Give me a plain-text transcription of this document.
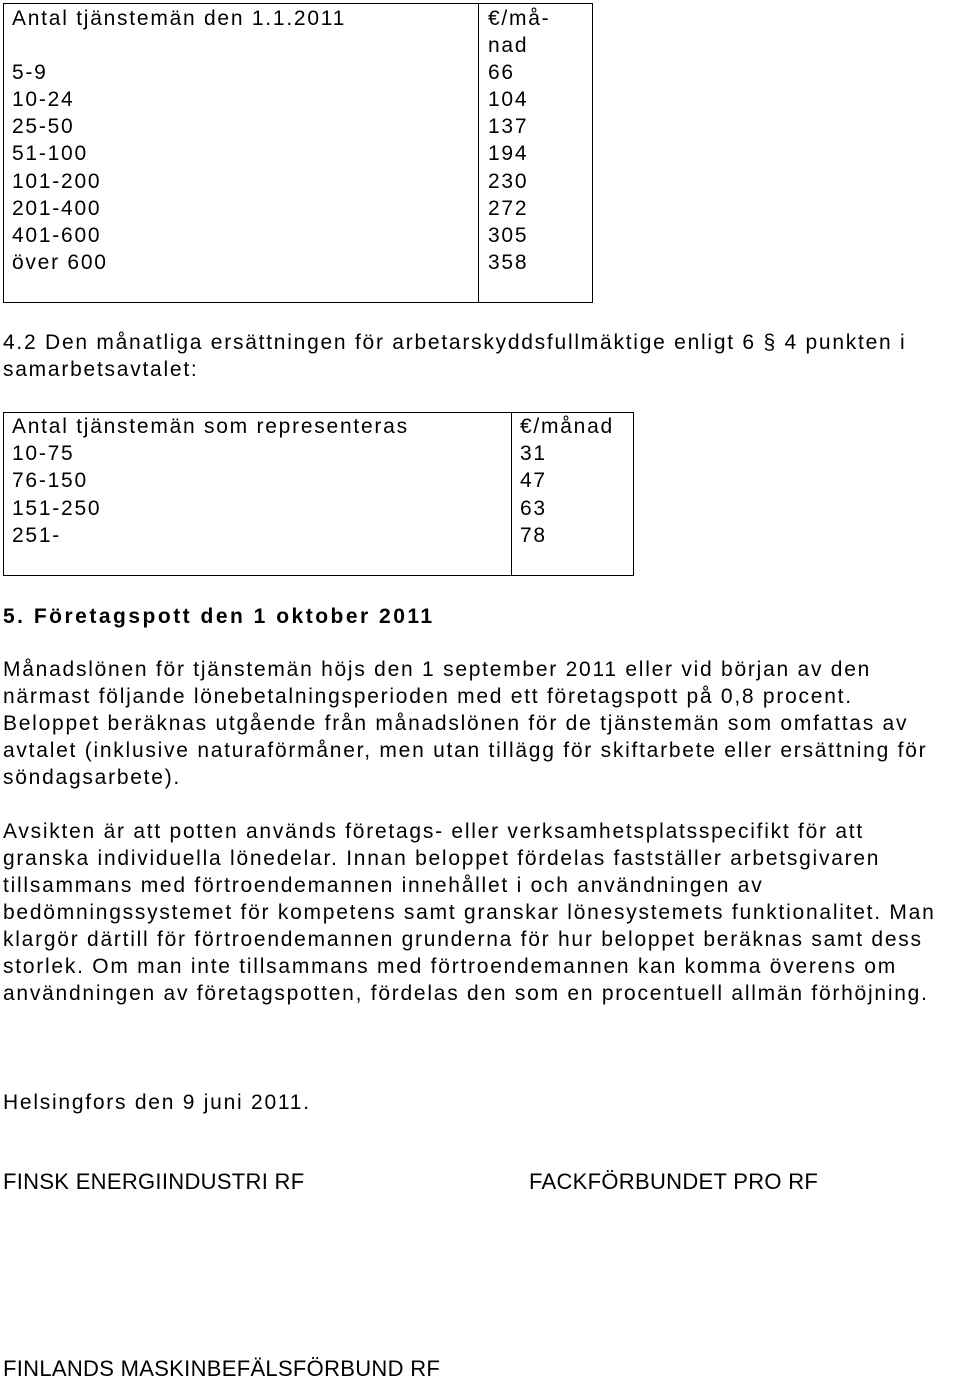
Antal tjänstemän den 1.1.2011
5-9
10-24
25-50
51-100
101-200
201-400
401-600
över 600
€/må-
nad
66
104
137
194
230
272
305
358
4.2 Den månatliga ersättningen för arbetarskyddsfullmäktige enligt 6 § 4 punkten i
samarbetsavtalet:
Antal tjänstemän som representeras
10-75
76-150
151-250
251-
€/månad
31
47
63
78
5. Företagspott den 1 oktober 2011
Månadslönen för tjänstemän höjs den 1 september 2011 eller vid början av den
närmast följande lönebetalningsperioden med ett företagspott på 0,8 procent.
Beloppet beräknas utgående från månadslönen för de tjänstemän som omfattas av
avtalet (inklusive naturaförmåner, men utan tillägg för skiftarbete eller ersättning för
söndagsarbete).
Avsikten är att potten används företags- eller verksamhetsplatsspecifikt för att
granska individuella lönedelar. Innan beloppet fördelas fastställer arbetsgivaren
tillsammans med förtroendemannen innehållet i och användningen av
bedömningssystemet för kompetens samt granskar lönesystemets funktionalitet. Man
klargör därtill för förtroendemannen grunderna för hur beloppet beräknas samt dess
storlek. Om man inte tillsammans med förtroendemannen kan komma överens om
användningen av företagspotten, fördelas den som en procentuell allmän förhöjning.
Helsingfors den 9 juni 2011.
FINSK ENERGIINDUSTRI RF	FACKFÖRBUNDET PRO RF
FINLANDS MASKINBEFÄLSFÖRBUND RF
